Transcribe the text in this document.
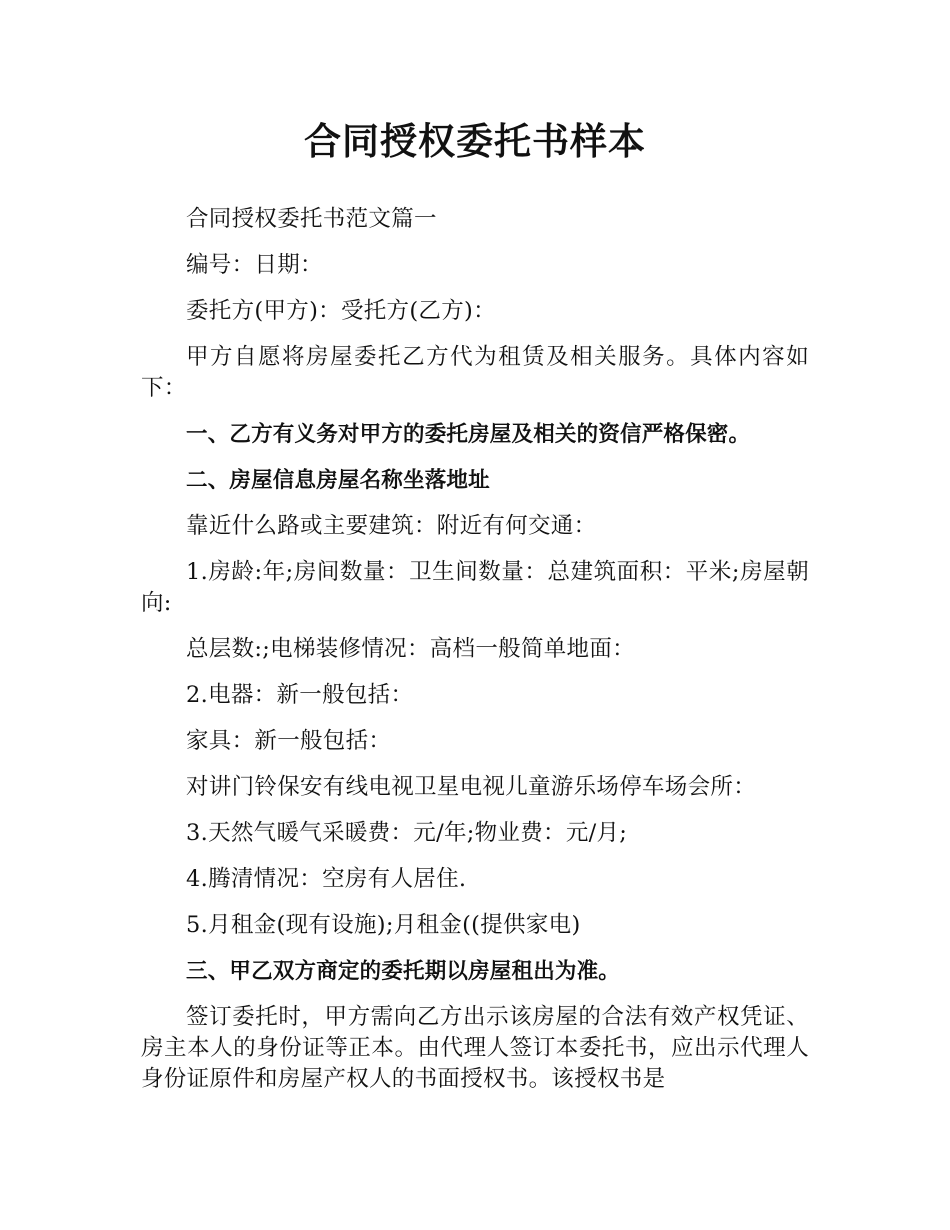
合同授权委托书样本

合同授权委托书范文篇一

编号：日期：

委托方(甲方)：受托方(乙方)：

甲方自愿将房屋委托乙方代为租赁及相关服务。具体内容如下：

一、乙方有义务对甲方的委托房屋及相关的资信严格保密。

二、房屋信息房屋名称坐落地址

靠近什么路或主要建筑：附近有何交通：

1.房龄:年;房间数量：卫生间数量：总建筑面积：平米;房屋朝向:

总层数:;电梯装修情况：高档一般简单地面：

2.电器：新一般包括：

家具：新一般包括：

对讲门铃保安有线电视卫星电视儿童游乐场停车场会所：

3.天然气暖气采暖费：元/年;物业费：元/月;

4.腾清情况：空房有人居住.

5.月租金(现有设施);月租金((提供家电)

三、甲乙双方商定的委托期以房屋租出为准。

签订委托时，甲方需向乙方出示该房屋的合法有效产权凭证、房主本人的身份证等正本。由代理人签订本委托书，应出示代理人身份证原件和房屋产权人的书面授权书。该授权书是
